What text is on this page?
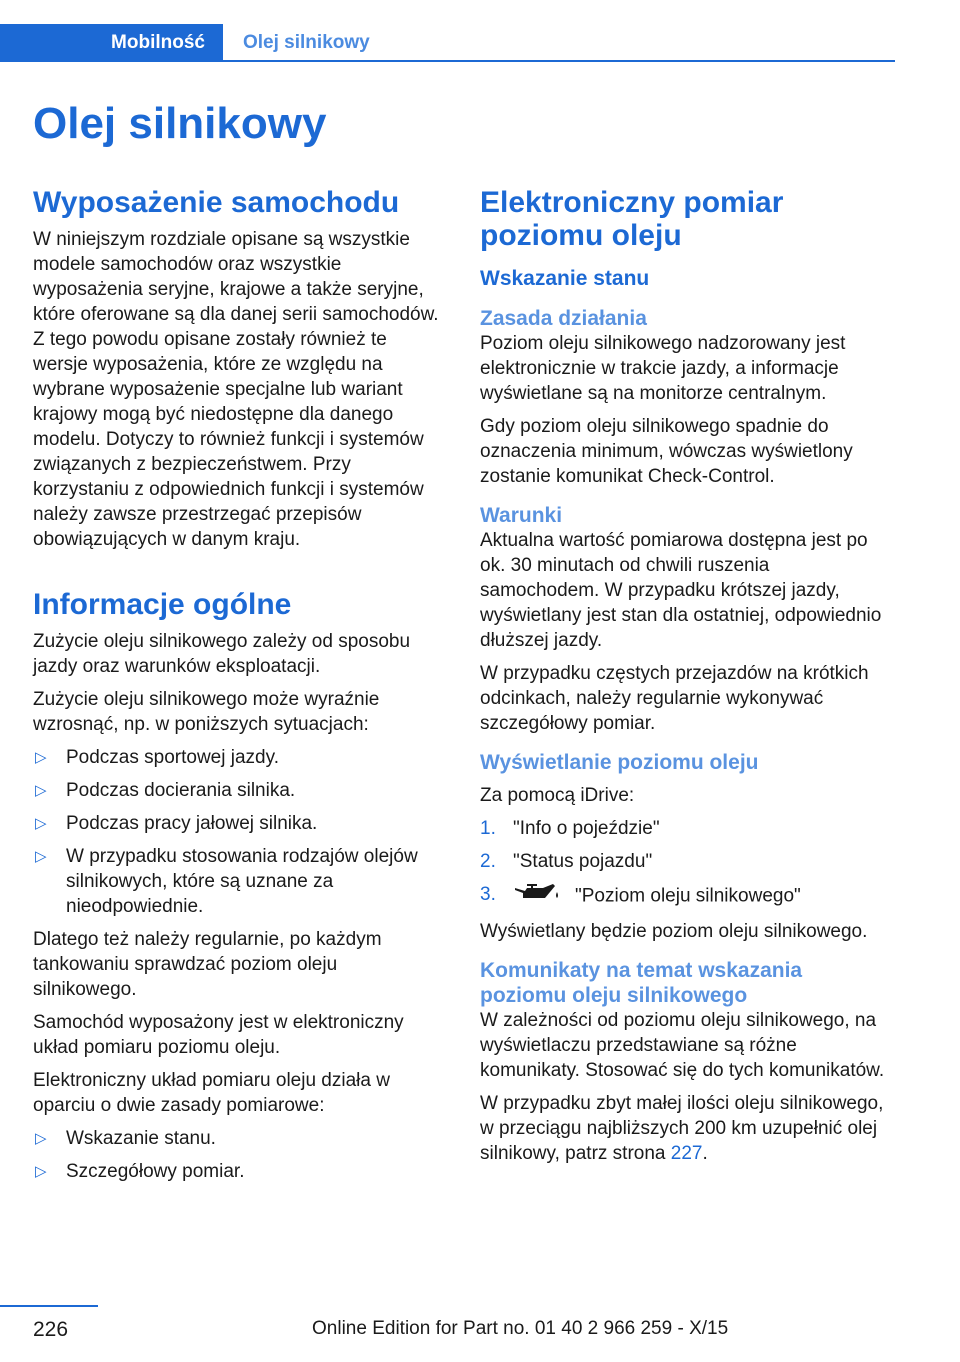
Mobilność	Olej silnikowy
Olej silnikowy
Wyposażenie samochodu

W niniejszym rozdziale opisane są wszystkie modele samochodów oraz wszystkie wyposażenia seryjne, krajowe a także seryjne, które oferowane są dla danej serii samochodów. Z tego powodu opisane zostały również te wersje wyposażenia, które ze względu na wybrane wyposażenie specjalne lub wariant krajowy mogą być niedostępne dla danego modelu. Dotyczy to również funkcji i systemów związanych z bezpieczeństwem. Przy korzystaniu z odpowiednich funkcji i systemów należy zawsze przestrzegać przepisów obowiązujących w danym kraju.

Informacje ogólne

Zużycie oleju silnikowego zależy od sposobu jazdy oraz warunków eksploatacji.

Zużycie oleju silnikowego może wyraźnie wzrosnąć, np. w poniższych sytuacjach:

▷ Podczas sportowej jazdy.
▷ Podczas docierania silnika.
▷ Podczas pracy jałowej silnika.
▷ W przypadku stosowania rodzajów olejów silnikowych, które są uznane za nieodpowiednie.

Dlatego też należy regularnie, po każdym tankowaniu sprawdzać poziom oleju silnikowego.

Samochód wyposażony jest w elektroniczny układ pomiaru poziomu oleju.

Elektroniczny układ pomiaru oleju działa w oparciu o dwie zasady pomiarowe:

▷ Wskazanie stanu.
▷ Szczegółowy pomiar.
Elektroniczny pomiar poziomu oleju
Wskazanie stanu
Zasada działania

Poziom oleju silnikowego nadzorowany jest elektronicznie w trakcie jazdy, a informacje wyświetlane są na monitorze centralnym.

Gdy poziom oleju silnikowego spadnie do oznaczenia minimum, wówczas wyświetlony zostanie komunikat Check-Control.

Warunki

Aktualna wartość pomiarowa dostępna jest po ok. 30 minutach od chwili ruszenia samochodem. W przypadku krótszej jazdy, wyświetlany jest stan dla ostatniej, odpowiednio dłuższej jazdy.

W przypadku częstych przejazdów na krótkich odcinkach, należy regularnie wykonywać szczegółowy pomiar.

Wyświetlanie poziomu oleju

Za pomocą iDrive:

1. "Info o pojeździe"
2. "Status pojazdu"
3.	"Poziom oleju silnikowego"

Wyświetlany będzie poziom oleju silnikowego.

Komunikaty na temat wskazania poziomu oleju silnikowego

W zależności od poziomu oleju silnikowego, na wyświetlaczu przedstawiane są różne komunikaty. Stosować się do tych komunikatów.

W przypadku zbyt małej ilości oleju silnikowego, w przeciągu najbliższych 200 km uzupełnić olej silnikowy, patrz strona 227.

226	Online Edition for Part no. 01 40 2 966 259 - X/15
